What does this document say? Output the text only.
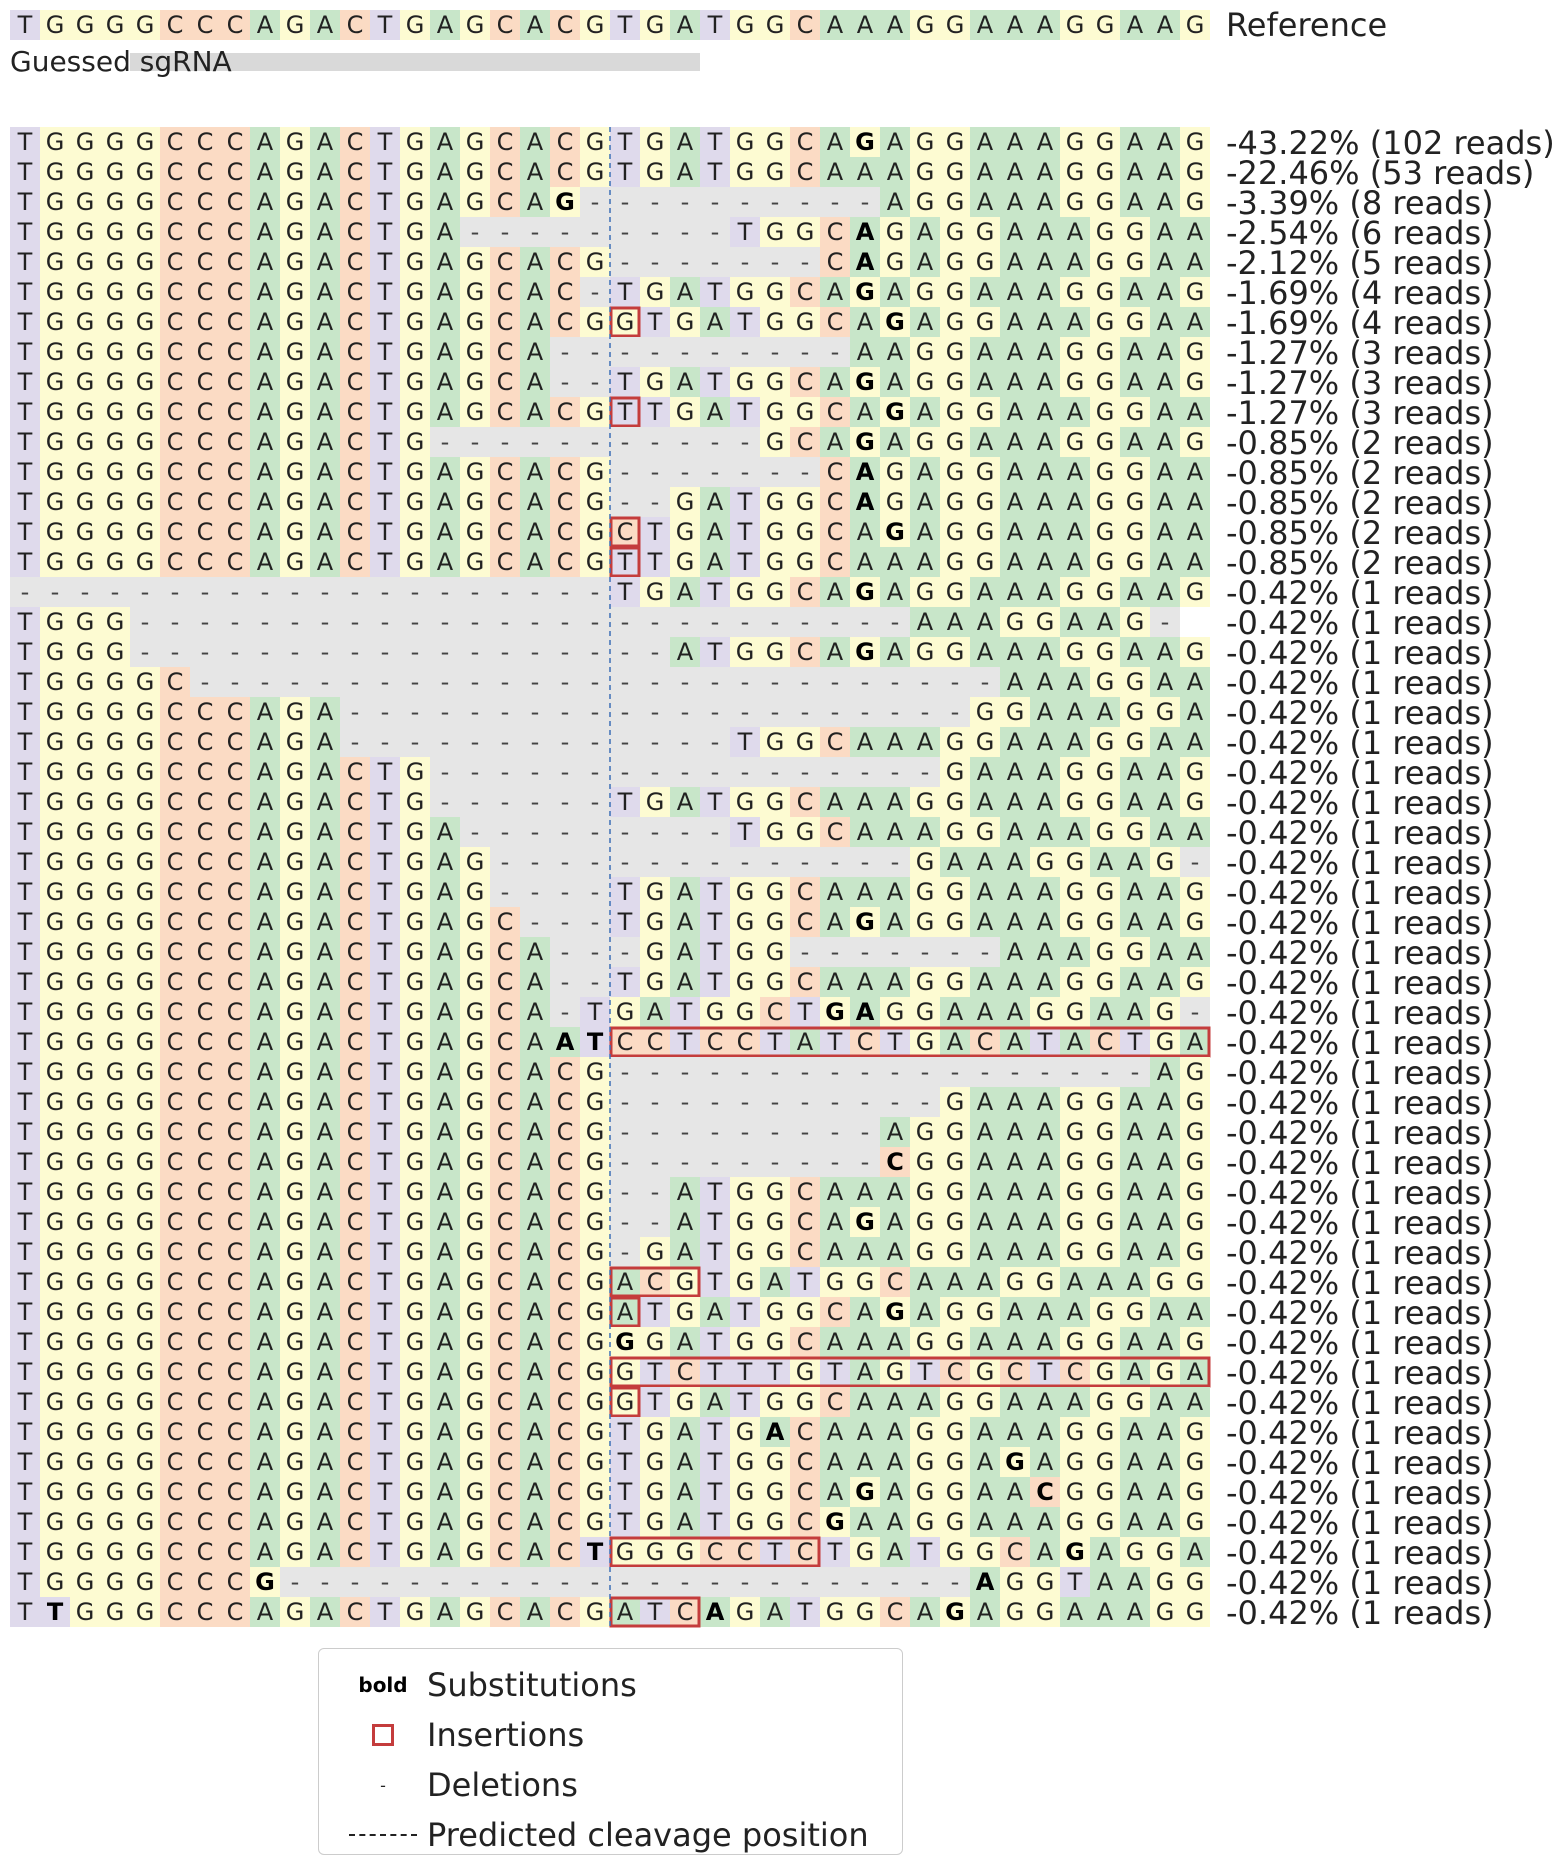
T G G G G C C C A G A C T G A G C A C G T G A T G G C A A A G G A A A G G A A G
Guessed sgRNA
Reference
T G G G G C C C A G A C T G A G C A C G T G A T G G C A G A G G A A A G G A A G -43.22% (102 reads)
T G G G G C C C A G A C T G A G C A C G T G A T G G C A A A G G A A A G G A A G -22.46% (53 reads)
T G G G G C C C A G A C T G A G C A G - - - - - - - - - - A G G A A A G G A A G -3.39% (8 reads)
T G G G G C C C A G A C T G A - - - - - - - - - T G G C A G A G G A A A G G A A -2.54% (6 reads)
T G G G G C C C A G A C T G A G C A C G - - - - - - - C A G A G G A A A G G A A -2.12% (5 reads)
T G G G G C C C A G A C T G A G C A C - T G A T G G C A G A G G A A A G G A A G -1.69% (4 reads)
T G G G G C C C A G A C T G A G C A C G G T G A T G G C A G A G G A A A G G A A -1.69% (4 reads)
T G G G G C C C A G A C T G A G C A - - - - - - - - - - A A G G A A A G G A A G -1.27% (3 reads)
T G G G G C C C A G A C T G A G C A - - T G A T G G C A G A G G A A A G G A A G -1.27% (3 reads)
T G G G G C C C A G A C T G A G C A C G T T G A T G G C A G A G G A A A G G A A -1.27% (3 reads)
T G G G G C C C A G A C T G - - - - - - - - - - - G C A G A G G A A A G G A A G -0.85% (2 reads)
T G G G G C C C A G A C T G A G C A C G - - - - - - - C A G A G G A A A G G A A -0.85% (2 reads)
T G G G G C C C A G A C T G A G C A C G - - G A T G G C A G A G G A A A G G A A -0.85% (2 reads)
T G G G G C C C A G A C T G A G C A C G C T G A T G G C A G A G G A A A G G A A -0.85% (2 reads)
T G G G G C C C A G A C T G A G C A C G T T G A T G G C A A A G G A A A G G A A -0.85% (2 reads)
- - - - - - - - - - - - - - - - - - - - T G A T G G C A G A G G A A A G G A A G -0.42% (1 reads)
T G G G - - - - - - - - - - - - - - - - - - - - - - - - - - A A A G G A A G - -0.42% (1 reads)
T G G G - - - - - - - - - - - - - - - - - - A T G G C A G A G G A A A G G A A G -0.42% (1 reads)
T G G G G C - - - - - - - - - - - - - - - - - - - - - - - - - - - A A A G G A A -0.42% (1 reads)
T G G G G C C C A G A - - - - - - - - - - - - - - - - - - - - - G G A A A G G A -0.42% (1 reads)
T G G G G C C C A G A - - - - - - - - - - - - - T G G C A A A G G A A A G G A A -0.42% (1 reads)
T G G G G C C C A G A C T G - - - - - - - - - - - - - - - - - G A A A G G A A G -0.42% (1 reads)
T G G G G C C C A G A C T G - - - - - - T G A T G G C A A A G G A A A G G A A G -0.42% (1 reads)
T G G G G C C C A G A C T G A - - - - - - - - - T G G C A A A G G A A A G G A A -0.42% (1 reads)
T G G G G C C C A G A C T G A G - - - - - - - - - - - - - - G A A A G G A A G - -0.42% (1 reads)
T G G G G C C C A G A C T G A G - - - - T G A T G G C A A A G G A A A G G A A G -0.42% (1 reads)
T G G G G C C C A G A C T G A G C - - - T G A T G G C A G A G G A A A G G A A G -0.42% (1 reads)
T G G G G C C C A G A C T G A G C A - - - G A T G G - - - - - - - A A A G G A A -0.42% (1 reads)
T G G G G C C C A G A C T G A G C A - - T G A T G G C A A A G G A A A G G A A G -0.42% (1 reads)
T G G G G C C C A G A C T G A G C A - T G A T G G C T G A G G A A A G G A A G - -0.42% (1 reads)
T G G G G C C C A G A C T G A G C A A T C C T C C T A T C T G A C A T A C T G A -0.42% (1 reads)
T G G G G C C C A G A C T G A G C A C G - - - - - - - - - - - - - - - - - - A G -0.42% (1 reads)
T G G G G C C C A G A C T G A G C A C G - - - - - - - - - - - G A A A G G A A G -0.42% (1 reads)
T G G G G C C C A G A C T G A G C A C G - - - - - - - - - A G G A A A G G A A G -0.42% (1 reads)
T G G G G C C C A G A C T G A G C A C G - - - - - - - - - C G G A A A G G A A G -0.42% (1 reads)
T G G G G C C C A G A C T G A G C A C G - - A T G G C A A A G G A A A G G A A G -0.42% (1 reads)
T G G G G C C C A G A C T G A G C A C G - - A T G G C A G A G G A A A G G A A G -0.42% (1 reads)
T G G G G C C C A G A C T G A G C A C G - G A T G G C A A A G G A A A G G A A G -0.42% (1 reads)
T G G G G C C C A G A C T G A G C A C G A C G T G A T G G C A A A G G A A A G G -0.42% (1 reads)
T G G G G C C C A G A C T G A G C A C G A T G A T G G C A G A G G A A A G G A A -0.42% (1 reads)
T G G G G C C C A G A C T G A G C A C G G G A T G G C A A A G G A A A G G A A G -0.42% (1 reads)
T G G G G C C C A G A C T G A G C A C G G T C T T T G T A G T C G C T C G A G A -0.42% (1 reads)
T G G G G C C C A G A C T G A G C A C G G T G A T G G C A A A G G A A A G G A A -0.42% (1 reads)
T G G G G C C C A G A C T G A G C A C G T G A T G A C A A A G G A A A G G A A G -0.42% (1 reads)
T G G G G C C C A G A C T G A G C A C G T G A T G G C A A A G G A G A G G A A G -0.42% (1 reads)
T G G G G C C C A G A C T G A G C A C G T G A T G G C A G A G G A A C G G A A G -0.42% (1 reads)
T G G G G C C C A G A C T G A G C A C G T G A T G G C G A A G G A A A G G A A G -0.42% (1 reads)
T G G G G C C C A G A C T G A G C A C T G G G C C T C T G A T G G C A G A G G A -0.42% (1 reads)
T G G G G C C C G - - - - - - - - - - - - - - - - - - - - - - - A G G T A A G G -0.42% (1 reads)
T T G G G C C C A G A C T G A G C A C G A T C A G A T G G C A G A G G A A A G G -0.42% (1 reads)
bold Substitutions
Insertions
- Deletions
Predicted cleavage position
